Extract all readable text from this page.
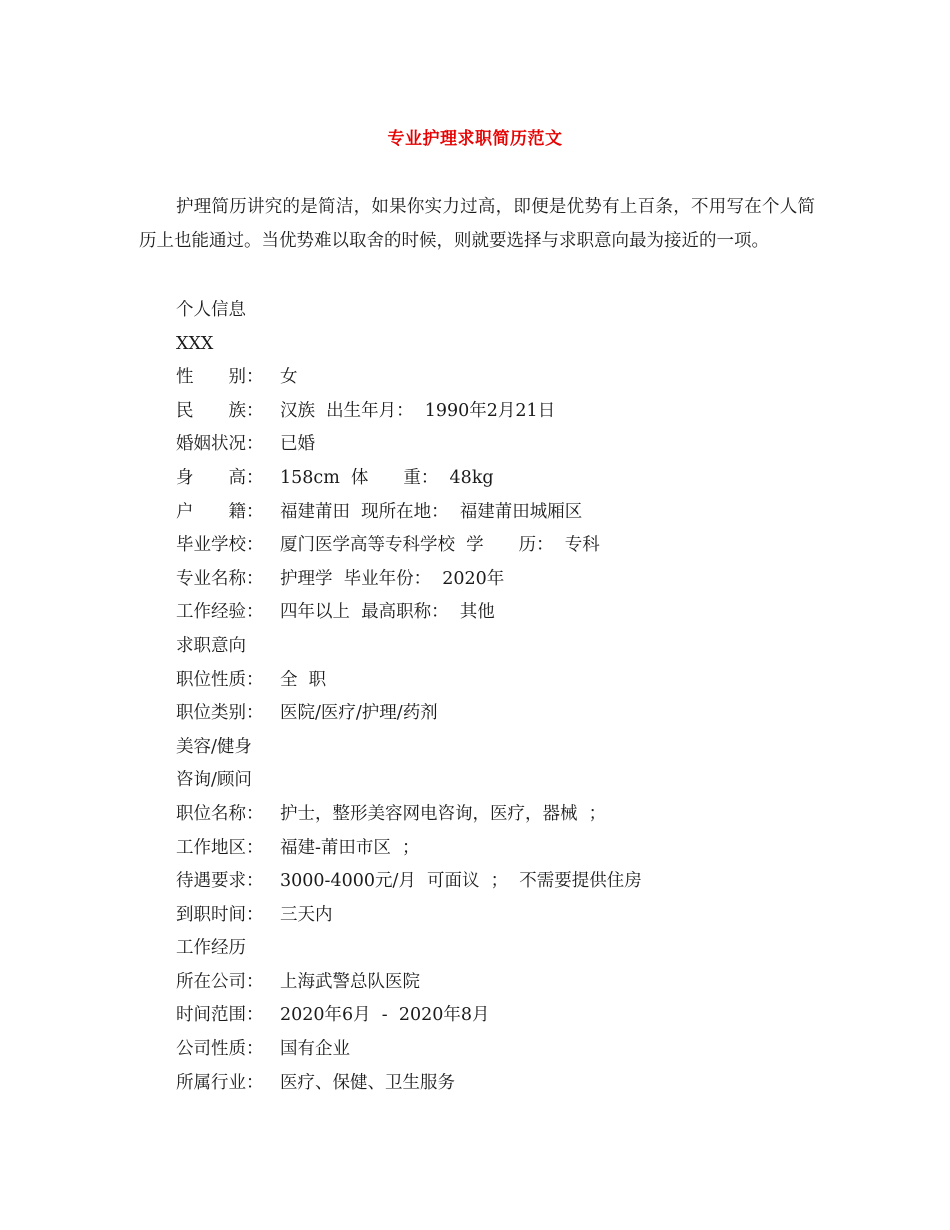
专业护理求职简历范文
护理简历讲究的是简洁，如果你实力过高，即便是优势有上百条，不用写在个人简历上也能通过。当优势难以取舍的时候，则就要选择与求职意向最为接近的一项。
个人信息
XXX
性　　别： 女
民　　族： 汉族  出生年月：  1990年2月21日
婚姻状况： 已婚
身　　高： 158cm  体　　重：  48kg
户　　籍： 福建莆田  现所在地：  福建莆田城厢区
毕业学校： 厦门医学高等专科学校  学　　历：  专科
专业名称： 护理学  毕业年份：  2020年
工作经验： 四年以上  最高职称：  其他
求职意向
职位性质： 全  职
职位类别： 医院/医疗/护理/药剂
美容/健身
咨询/顾问
职位名称： 护士，整形美容网电咨询，医疗，器械  ；
工作地区： 福建-莆田市区  ；
待遇要求： 3000-4000元/月  可面议  ；  不需要提供住房
到职时间： 三天内
工作经历
所在公司： 上海武警总队医院
时间范围： 2020年6月  -  2020年8月
公司性质： 国有企业
所属行业： 医疗、保健、卫生服务
